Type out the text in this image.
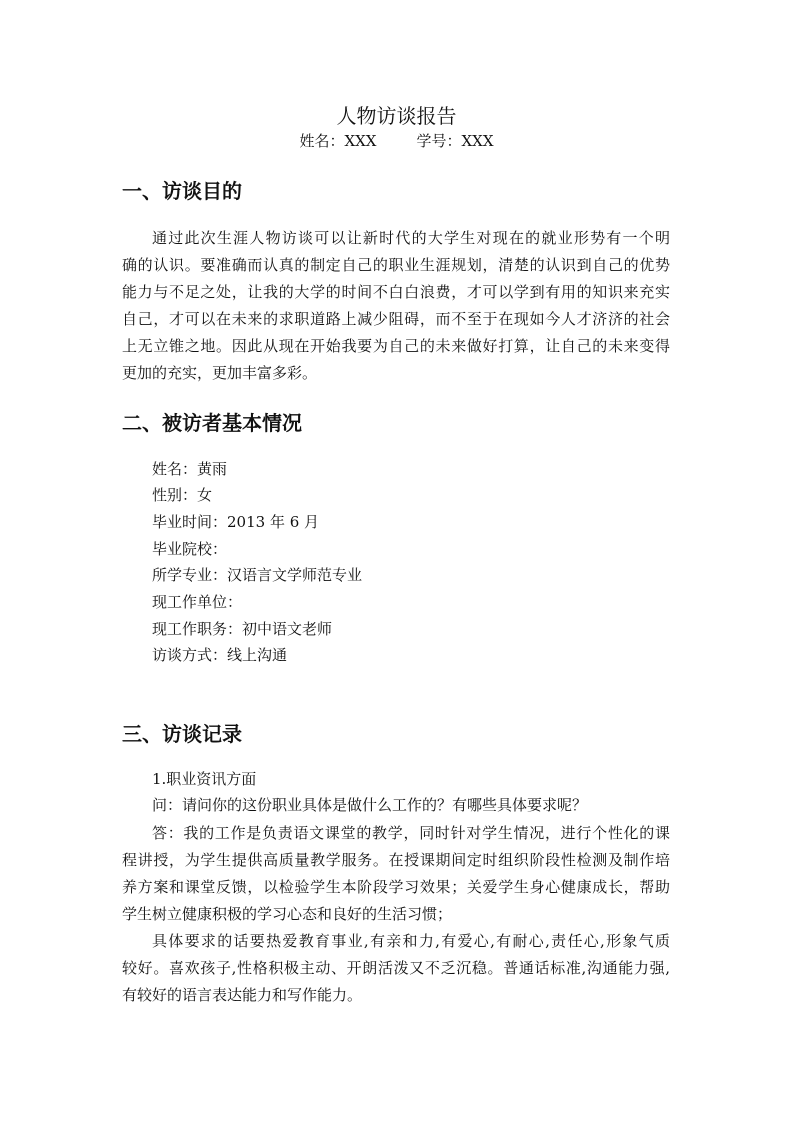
人物访谈报告
姓名：XXX	学号：XXX
一、访谈目的
通过此次生涯人物访谈可以让新时代的大学生对现在的就业形势有一个明
确的认识。要准确而认真的制定自己的职业生涯规划，清楚的认识到自己的优势
能力与不足之处，让我的大学的时间不白白浪费，才可以学到有用的知识来充实
自己，才可以在未来的求职道路上减少阻碍，而不至于在现如今人才济济的社会
上无立锥之地。因此从现在开始我要为自己的未来做好打算，让自己的未来变得
更加的充实，更加丰富多彩。
二、被访者基本情况
姓名：黄雨
性别：女
毕业时间：2013 年 6 月
毕业院校：
所学专业：汉语言文学师范专业
现工作单位：
现工作职务：初中语文老师
访谈方式：线上沟通
三、访谈记录
1.职业资讯方面
问：请问你的这份职业具体是做什么工作的？有哪些具体要求呢？
答：我的工作是负责语文课堂的教学，同时针对学生情况，进行个性化的课
程讲授，为学生提供高质量教学服务。在授课期间定时组织阶段性检测及制作培
养方案和课堂反馈，以检验学生本阶段学习效果；关爱学生身心健康成长，帮助
学生树立健康积极的学习心态和良好的生活习惯；
具体要求的话要热爱教育事业,有亲和力,有爱心,有耐心,责任心,形象气质
较好。喜欢孩子,性格积极主动、开朗活泼又不乏沉稳。普通话标准,沟通能力强,
有较好的语言表达能力和写作能力。
